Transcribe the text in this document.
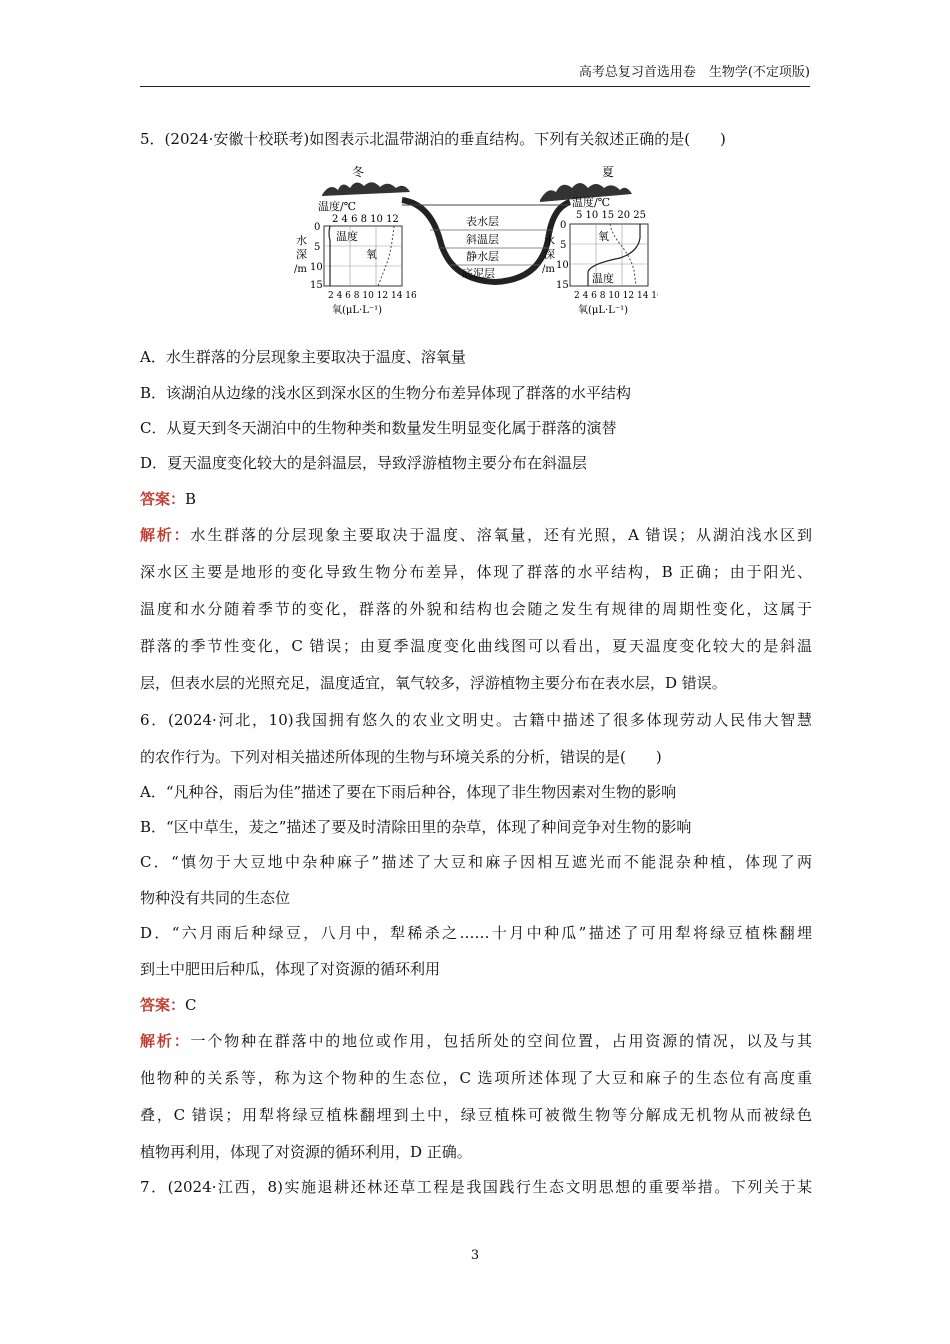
高考总复习首选用卷　生物学(不定项版)
5．(2024·安徽十校联考)如图表示北温带湖泊的垂直结构。下列有关叙述正确的是(　　)
表水层
斜温层
静水层
底泥层
冬
温度/℃
2 4 6 8 10 12
温度
氧
0
5
10
15
水
深
/m
2 4 6 8 10 12 14 16
氧(μL·L⁻¹)
夏
温度/℃
5 10 15 20 25
氧
温度
0
5
10
15
水
深
/m
2 4 6 8 10 12 14 16
氧(μL·L⁻¹)
A．水生群落的分层现象主要取决于温度、溶氧量
B．该湖泊从边缘的浅水区到深水区的生物分布差异体现了群落的水平结构
C．从夏天到冬天湖泊中的生物种类和数量发生明显变化属于群落的演替
D．夏天温度变化较大的是斜温层，导致浮游植物主要分布在斜温层
答案：B
解析：水生群落的分层现象主要取决于温度、溶氧量，还有光照，A 错误；从湖泊浅水区到
深水区主要是地形的变化导致生物分布差异，体现了群落的水平结构，B 正确；由于阳光、
温度和水分随着季节的变化，群落的外貌和结构也会随之发生有规律的周期性变化，这属于
群落的季节性变化，C 错误；由夏季温度变化曲线图可以看出，夏天温度变化较大的是斜温
层，但表水层的光照充足，温度适宜，氧气较多，浮游植物主要分布在表水层，D 错误。
6．(2024·河北，10)我国拥有悠久的农业文明史。古籍中描述了很多体现劳动人民伟大智慧
的农作行为。下列对相关描述所体现的生物与环境关系的分析，错误的是(　　)
A．“凡种谷，雨后为佳”描述了要在下雨后种谷，体现了非生物因素对生物的影响
B．“区中草生，茇之”描述了要及时清除田里的杂草，体现了种间竞争对生物的影响
C．“慎勿于大豆地中杂种麻子”描述了大豆和麻子因相互遮光而不能混杂种植，体现了两
物种没有共同的生态位
D．“六月雨后种绿豆，八月中，犁稀杀之……十月中种瓜”描述了可用犁将绿豆植株翻埋
到土中肥田后种瓜，体现了对资源的循环利用
答案：C
解析：一个物种在群落中的地位或作用，包括所处的空间位置，占用资源的情况，以及与其
他物种的关系等，称为这个物种的生态位，C 选项所述体现了大豆和麻子的生态位有高度重
叠，C 错误；用犁将绿豆植株翻埋到土中，绿豆植株可被微生物等分解成无机物从而被绿色
植物再利用，体现了对资源的循环利用，D 正确。
7．(2024·江西，8)实施退耕还林还草工程是我国践行生态文明思想的重要举措。下列关于某
3
